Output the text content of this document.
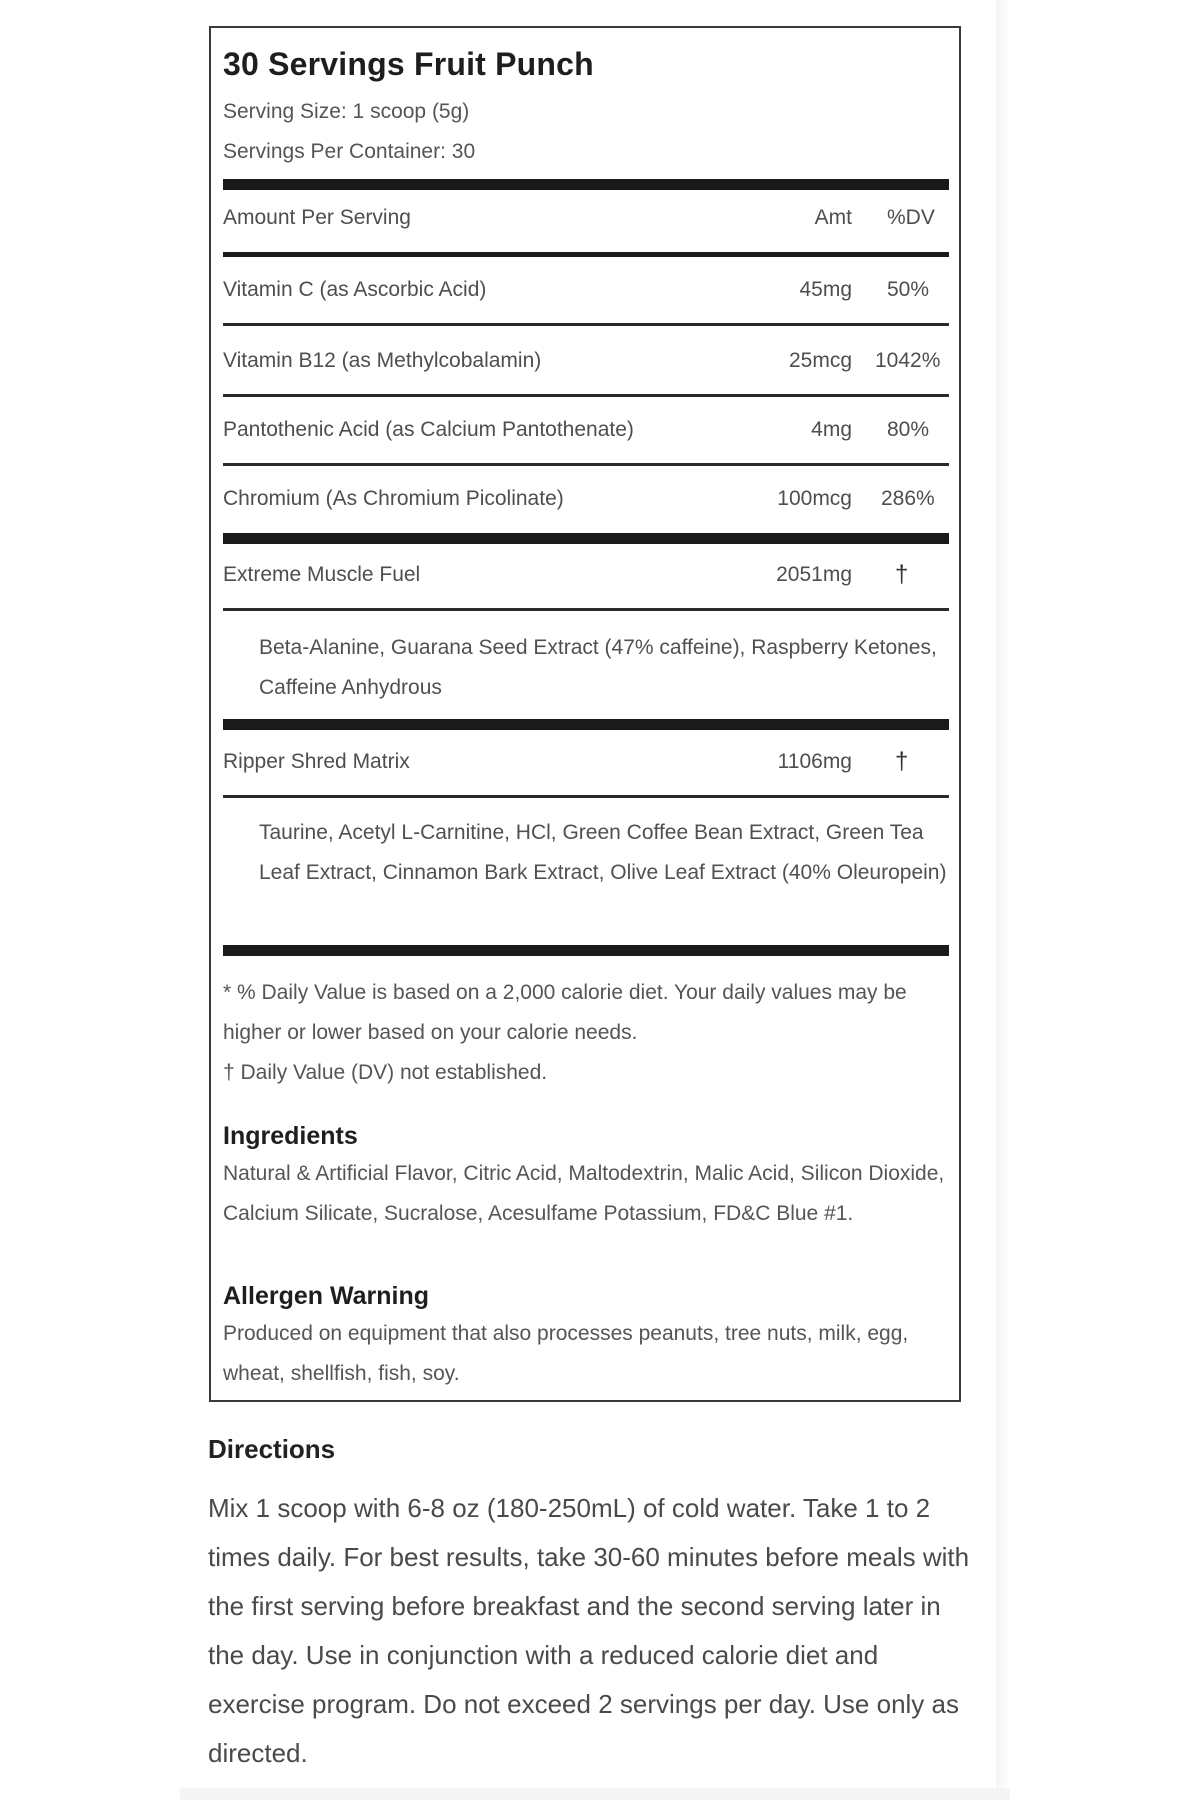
30 Servings Fruit Punch
Serving Size: 1 scoop (5g)
Servings Per Container: 30
Amount Per Serving	Amt %DV
Vitamin C (as Ascorbic Acid)	45mg 50%
Vitamin B12 (as Methylcobalamin)	25mcg 1042%
Pantothenic Acid (as Calcium Pantothenate)	4mg 80%
Chromium (As Chromium Picolinate)	100mcg 286%
Extreme Muscle Fuel	2051mg †
Beta-Alanine, Guarana Seed Extract (47% caffeine), Raspberry Ketones, Caffeine Anhydrous
Ripper Shred Matrix	1106mg †
Taurine, Acetyl L-Carnitine, HCl, Green Coffee Bean Extract, Green Tea Leaf Extract, Cinnamon Bark Extract, Olive Leaf Extract (40% Oleuropein)
* % Daily Value is based on a 2,000 calorie diet. Your daily values may be higher or lower based on your calorie needs.
† Daily Value (DV) not established.
Ingredients
Natural & Artificial Flavor, Citric Acid, Maltodextrin, Malic Acid, Silicon Dioxide, Calcium Silicate, Sucralose, Acesulfame Potassium, FD&C Blue #1.
Allergen Warning
Produced on equipment that also processes peanuts, tree nuts, milk, egg, wheat, shellfish, fish, soy.
Directions
Mix 1 scoop with 6-8 oz (180-250mL) of cold water. Take 1 to 2 times daily. For best results, take 30-60 minutes before meals with the first serving before breakfast and the second serving later in the day. Use in conjunction with a reduced calorie diet and exercise program. Do not exceed 2 servings per day. Use only as directed.
